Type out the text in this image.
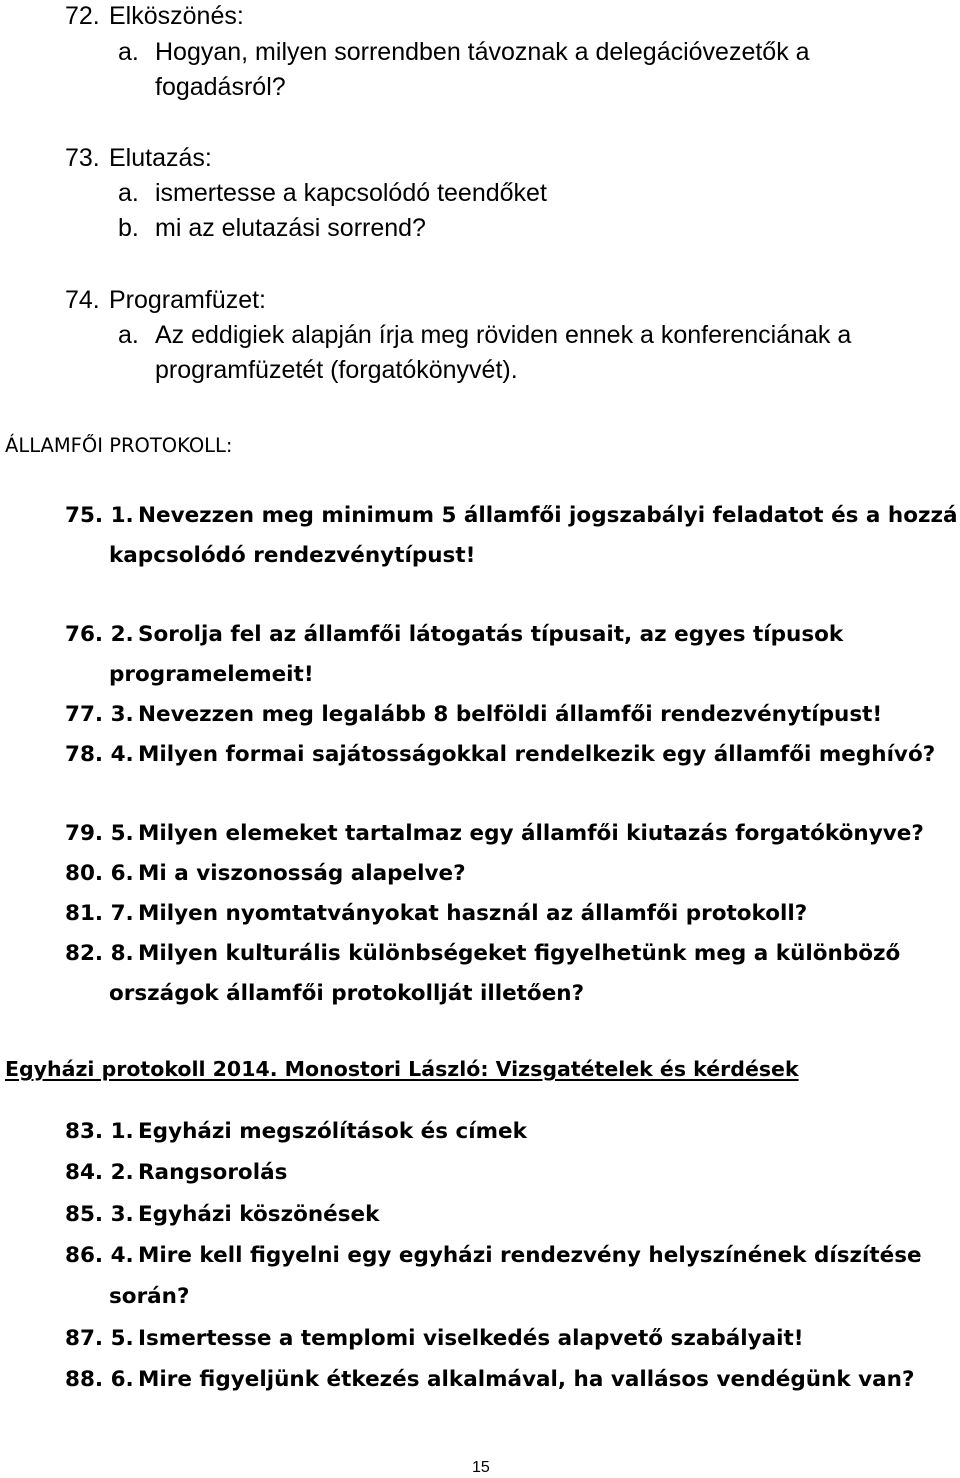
72. Elköszönés:
a. Hogyan, milyen sorrendben távoznak a delegációvezetők a
fogadásról?
73. Elutazás:
a. ismertesse a kapcsolódó teendőket
b. mi az elutazási sorrend?
74. Programfüzet:
a. Az eddigiek alapján írja meg röviden ennek a konferenciának a
programfüzetét (forgatókönyvét).
ÁLLAMFŐI PROTOKOLL:
75. 1. Nevezzen meg minimum 5 államfői jogszabályi feladatot és a hozzá
kapcsolódó rendezvénytípust!
76. 2. Sorolja fel az államfői látogatás típusait, az egyes típusok
programelemeit!
77. 3. Nevezzen meg legalább 8 belföldi államfői rendezvénytípust!
78. 4. Milyen formai sajátosságokkal rendelkezik egy államfői meghívó?
79. 5. Milyen elemeket tartalmaz egy államfői kiutazás forgatókönyve?
80. 6. Mi a viszonosság alapelve?
81. 7. Milyen nyomtatványokat használ az államfői protokoll?
82. 8. Milyen kulturális különbségeket figyelhetünk meg a különböző
országok államfői protokollját illetően?
Egyházi protokoll 2014. Monostori László: Vizsgatételek és kérdések
83. 1. Egyházi megszólítások és címek
84. 2. Rangsorolás
85. 3. Egyházi köszönések
86. 4. Mire kell figyelni egy egyházi rendezvény helyszínének díszítése
során?
87. 5. Ismertesse a templomi viselkedés alapvető szabályait!
88. 6. Mire figyeljünk étkezés alkalmával, ha vallásos vendégünk van?
15
